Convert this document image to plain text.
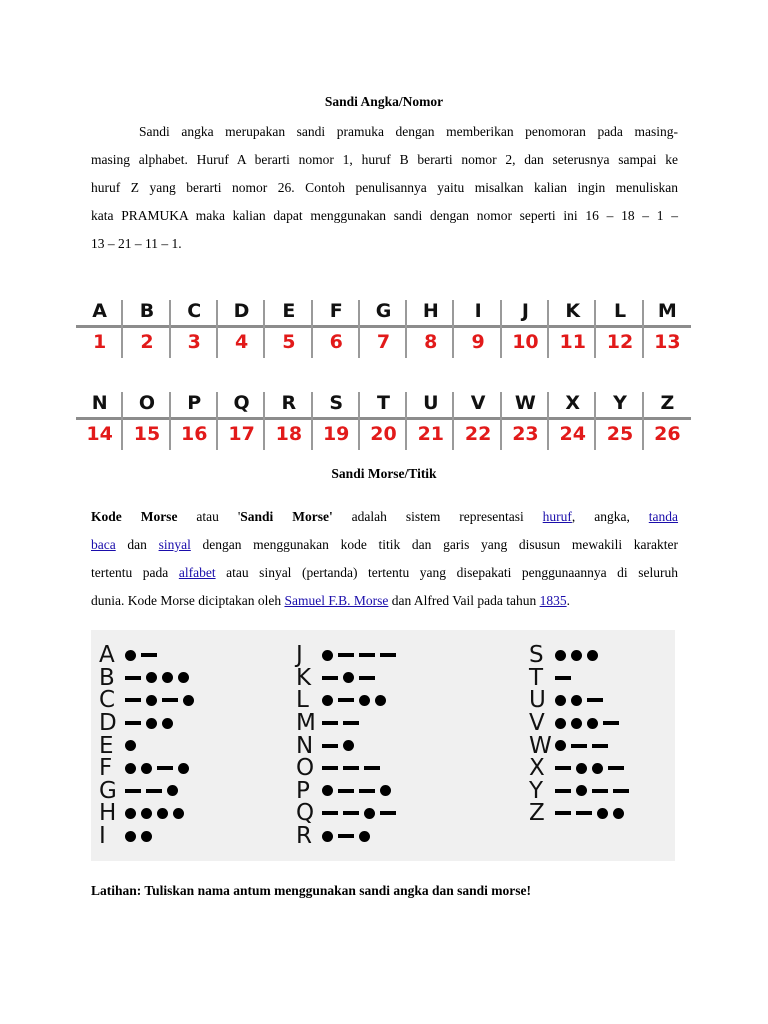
Sandi Angka/Nomor
Sandi angka merupakan sandi pramuka dengan memberikan penomoran pada masing-
masing alphabet. Huruf A berarti nomor 1, huruf B berarti nomor 2, dan seterusnya sampai ke
huruf Z yang berarti nomor 26. Contoh penulisannya yaitu misalkan kalian ingin menuliskan
kata PRAMUKA maka kalian dapat menggunakan sandi dengan nomor seperti ini 16 – 18 – 1 –
13 – 21 – 11 – 1.
A
1
B
2
C
3
D
4
E
5
F
6
G
7
H
8
I
9
J
10
K
11
L
12
M
13
N
14
O
15
P
16
Q
17
R
18
S
19
T
20
U
21
V
22
W
23
X
24
Y
25
Z
26
Sandi Morse/Titik
Kode Morse atau 'Sandi Morse' adalah sistem representasi huruf, angka, tanda
baca dan sinyal dengan menggunakan kode titik dan garis yang disusun mewakili karakter
tertentu pada alfabet atau sinyal (pertanda) tertentu yang disepakati penggunaannya di seluruh
dunia. Kode Morse diciptakan oleh Samuel F.B. Morse dan Alfred Vail pada tahun 1835.
A
B
C
D
E
F
G
H
I
J
K
L
M
N
O
P
Q
R
S
T
U
V
W
X
Y
Z
Latihan: Tuliskan nama antum menggunakan sandi angka dan sandi morse!
